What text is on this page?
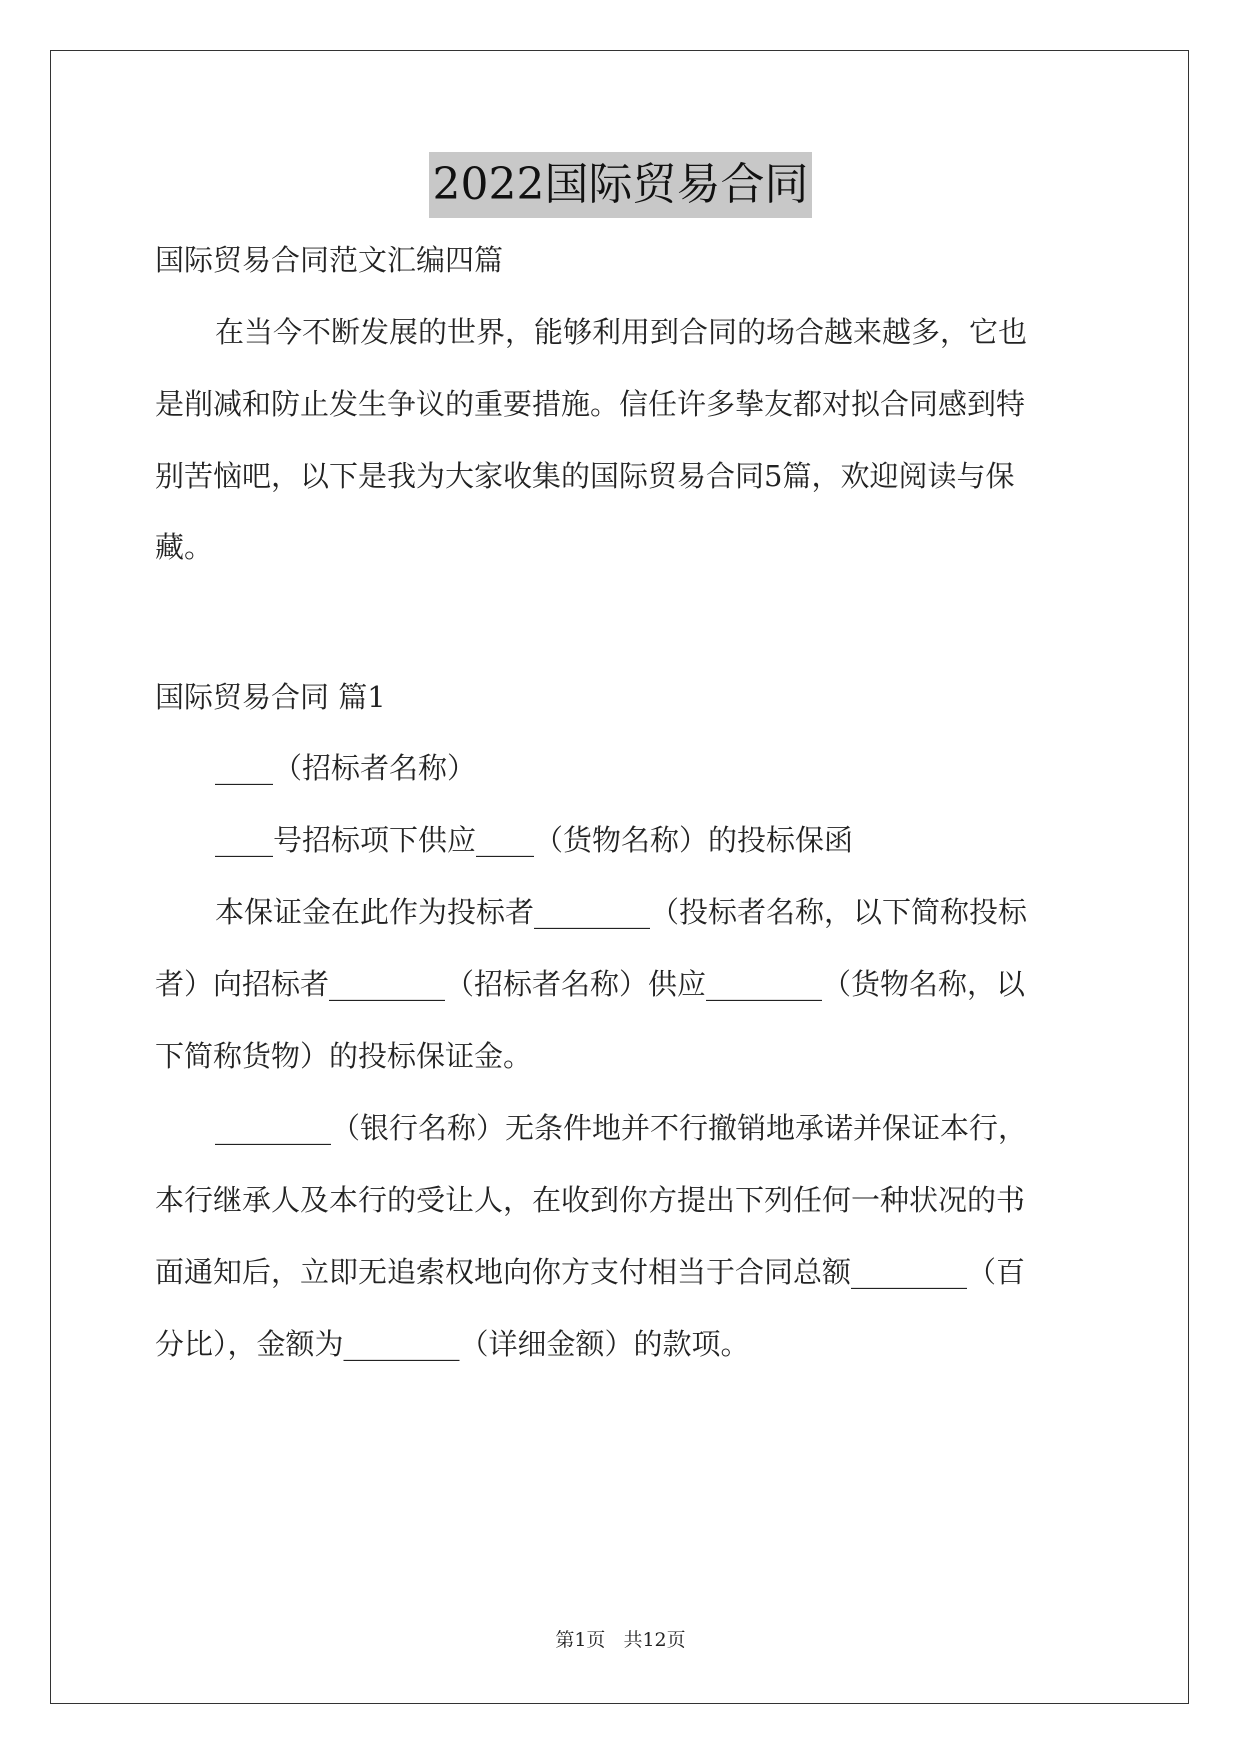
2022国际贸易合同
国际贸易合同范文汇编四篇
在当今不断发展的世界，能够利用到合同的场合越来越多，它也
是削减和防止发生争议的重要措施。信任许多挚友都对拟合同感到特
别苦恼吧，以下是我为大家收集的国际贸易合同5篇，欢迎阅读与保
藏。
国际贸易合同 篇1
____（招标者名称）
____号招标项下供应____（货物名称）的投标保函
本保证金在此作为投标者________（投标者名称，以下简称投标
者）向招标者________（招标者名称）供应________（货物名称，以
下简称货物）的投标保证金。
________（银行名称）无条件地并不行撤销地承诺并保证本行，
本行继承人及本行的受让人，在收到你方提出下列任何一种状况的书
面通知后，立即无追索权地向你方支付相当于合同总额________（百
分比），金额为________（详细金额）的款项。
第1页 共12页
